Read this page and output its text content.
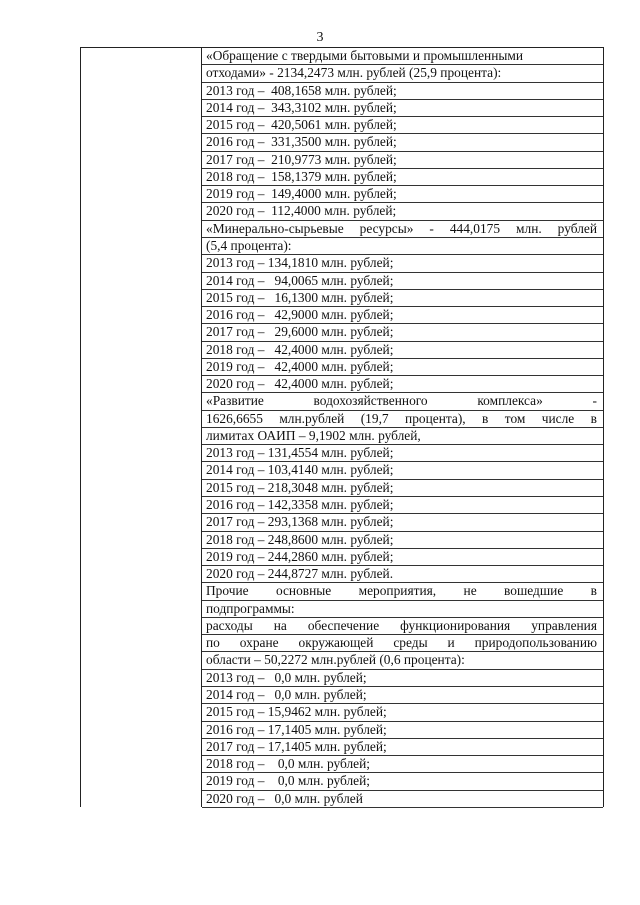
3
«Обращение с твердыми бытовыми и промышленными
отходами» - 2134,2473 млн. рублей (25,9 процента):
2013 год –  408,1658 млн. рублей;
2014 год –  343,3102 млн. рублей;
2015 год –  420,5061 млн. рублей;
2016 год –  331,3500 млн. рублей;
2017 год –  210,9773 млн. рублей;
2018 год –  158,1379 млн. рублей;
2019 год –  149,4000 млн. рублей;
2020 год –  112,4000 млн. рублей;
«Минерально-сырьевые ресурсы» - 444,0175 млн. рублей
(5,4 процента):
2013 год – 134,1810 млн. рублей;
2014 год –   94,0065 млн. рублей;
2015 год –   16,1300 млн. рублей;
2016 год –   42,9000 млн. рублей;
2017 год –   29,6000 млн. рублей;
2018 год –   42,4000 млн. рублей;
2019 год –   42,4000 млн. рублей;
2020 год –   42,4000 млн. рублей;
«Развитие водохозяйственного комплекса» -
1626,6655 млн.рублей (19,7 процента), в том числе в
лимитах ОАИП – 9,1902 млн. рублей,
2013 год – 131,4554 млн. рублей;
2014 год – 103,4140 млн. рублей;
2015 год – 218,3048 млн. рублей;
2016 год – 142,3358 млн. рублей;
2017 год – 293,1368 млн. рублей;
2018 год – 248,8600 млн. рублей;
2019 год – 244,2860 млн. рублей;
2020 год – 244,8727 млн. рублей.
Прочие основные мероприятия, не вошедшие в
подпрограммы:
расходы на обеспечение функционирования управления
по охране окружающей среды и природопользованию
области – 50,2272 млн.рублей (0,6 процента):
2013 год –   0,0 млн. рублей;
2014 год –   0,0 млн. рублей;
2015 год – 15,9462 млн. рублей;
2016 год – 17,1405 млн. рублей;
2017 год – 17,1405 млн. рублей;
2018 год –    0,0 млн. рублей;
2019 год –    0,0 млн. рублей;
2020 год –   0,0 млн. рублей
